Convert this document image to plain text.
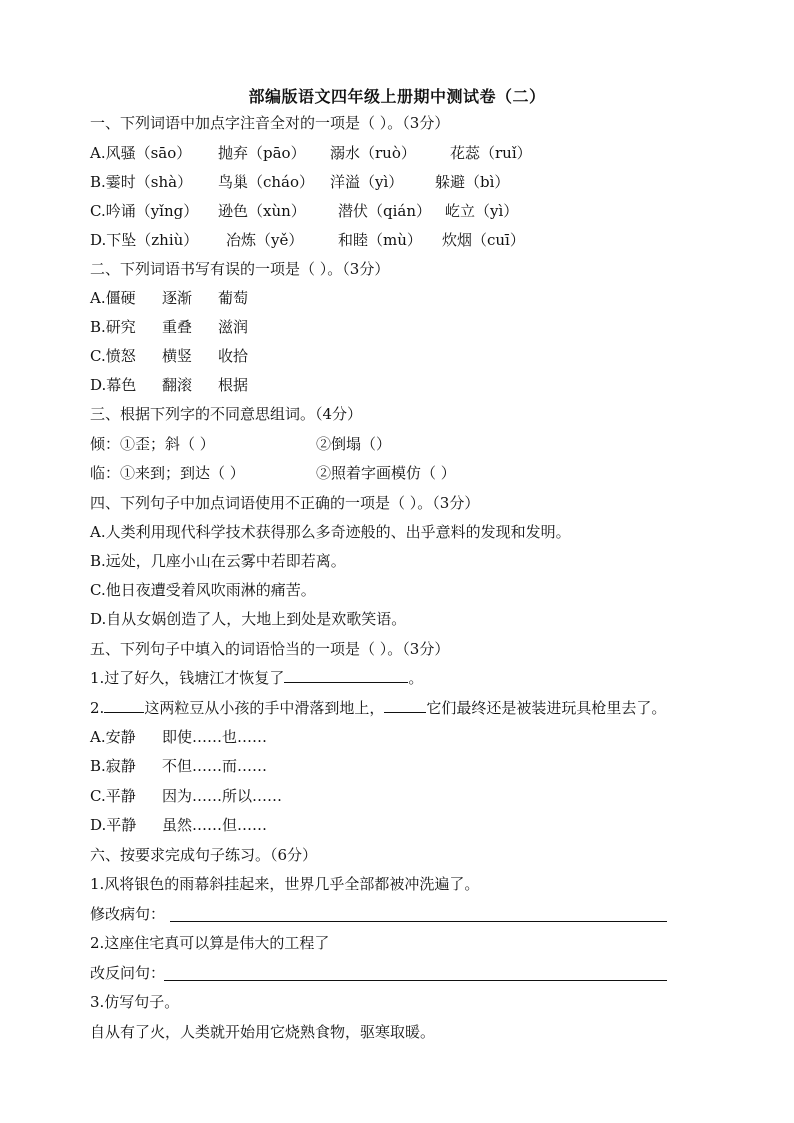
部编版语文四年级上册期中测试卷（二）
一、下列词语中加点字注音全对的一项是（ ）。（3分）
A.风骚（sāo） 抛弃（pāo） 溺水（ruò） 花蕊（ruǐ）
B.霎时（shà） 鸟巢（cháo） 洋溢（yì） 躲避（bì）
C.吟诵（yǐng） 逊色（xùn） 潜伏（qián） 屹立（yì）
D.下坠（zhiù） 冶炼（yě） 和睦（mù） 炊烟（cuī）
二、下列词语书写有误的一项是（ ）。（3分）
A.僵硬 逐渐 葡萄
B.研究 重叠 滋润
C.愤怒 横竖 收拾
D.幕色 翻滚 根据
三、根据下列字的不同意思组词。（4分）
倾：①歪；斜（ ）	②倒塌（）
临：①来到；到达（ ）	②照着字画模仿（ ）
四、下列句子中加点词语使用不正确的一项是（ ）。（3分）
A.人类利用现代科学技术获得那么多奇迹般的、出乎意料的发现和发明。
B.远处，几座小山在云雾中若即若离。
C.他日夜遭受着风吹雨淋的痛苦。
D.自从女娲创造了人，大地上到处是欢歌笑语。
五、下列句子中填入的词语恰当的一项是（ ）。（3分）
1.过了好久，钱塘江才恢复了	。
2.	这两粒豆从小孩的手中滑落到地上，	它们最终还是被装进玩具枪里去了。
A.安静 即使……也……
B.寂静 不但……而……
C.平静 因为……所以……
D.平静 虽然……但……
六、按要求完成句子练习。（6分）
1.风将银色的雨幕斜挂起来，世界几乎全部都被冲洗遍了。
修改病句：
2.这座住宅真可以算是伟大的工程了
改反问句：
3.仿写句子。
自从有了火，人类就开始用它烧熟食物，驱寒取暖。
